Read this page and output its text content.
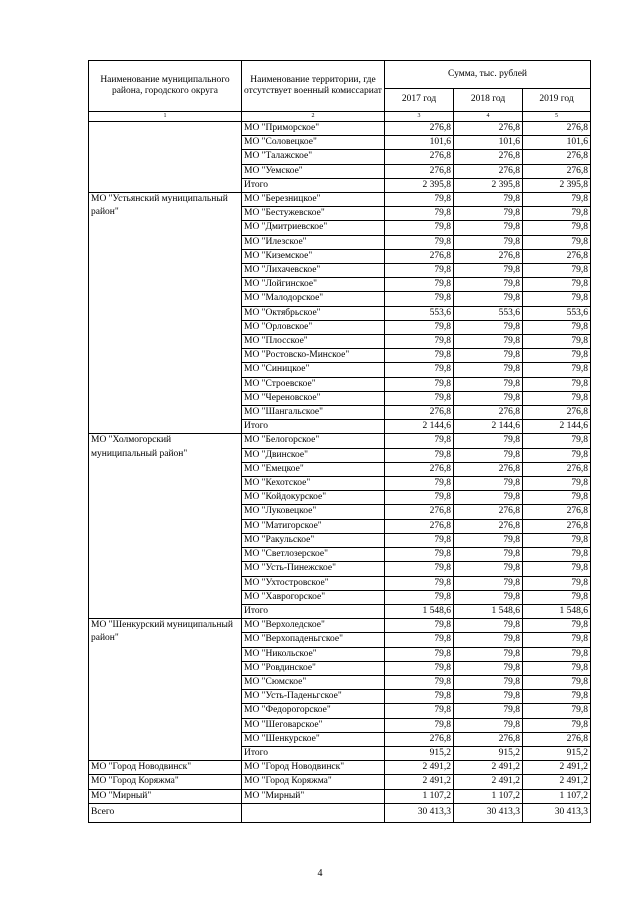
Наименование муниципального района, городского округа	Наименование территории, где отсутствует военный комиссариат	Сумма, тыс. рублей		
		2017 год	2018 год	2019 год
1	2	3	4	5
	МО "Приморское"	276,8	276,8	276,8
	МО "Соловецкое"	101,6	101,6	101,6
	МО "Талажское"	276,8	276,8	276,8
	МО "Уемское"	276,8	276,8	276,8
	Итого	2 395,8	2 395,8	2 395,8
МО "Устьянский муниципальный район"	МО "Березницкое"	79,8	79,8	79,8
	МО "Бестужевское"	79,8	79,8	79,8
	МО "Дмитриевское"	79,8	79,8	79,8
	МО "Илезское"	79,8	79,8	79,8
	МО "Киземское"	276,8	276,8	276,8
	МО "Лихачевское"	79,8	79,8	79,8
	МО "Лойгинское"	79,8	79,8	79,8
	МО "Малодорское"	79,8	79,8	79,8
	МО "Октябрьское"	553,6	553,6	553,6
	МО "Орловское"	79,8	79,8	79,8
	МО "Плосское"	79,8	79,8	79,8
	МО "Ростовско-Минское"	79,8	79,8	79,8
	МО "Синицкое"	79,8	79,8	79,8
	МО "Строевское"	79,8	79,8	79,8
	МО "Череновское"	79,8	79,8	79,8
	МО "Шангальское"	276,8	276,8	276,8
	Итого	2 144,6	2 144,6	2 144,6
МО "Холмогорский муниципальный район"	МО "Белогорское"	79,8	79,8	79,8
	МО "Двинское"	79,8	79,8	79,8
	МО "Емецкое"	276,8	276,8	276,8
	МО "Кехотское"	79,8	79,8	79,8
	МО "Койдокурское"	79,8	79,8	79,8
	МО "Луковецкое"	276,8	276,8	276,8
	МО "Матигорское"	276,8	276,8	276,8
	МО "Ракульское"	79,8	79,8	79,8
	МО "Светлозерское"	79,8	79,8	79,8
	МО "Усть-Пинежское"	79,8	79,8	79,8
	МО "Ухтостровское"	79,8	79,8	79,8
	МО "Хаврогорское"	79,8	79,8	79,8
	Итого	1 548,6	1 548,6	1 548,6
МО "Шенкурский муниципальный район"	МО "Верхоледское"	79,8	79,8	79,8
	МО "Верхопаденьгское"	79,8	79,8	79,8
	МО "Никольское"	79,8	79,8	79,8
	МО "Ровдинское"	79,8	79,8	79,8
	МО "Сюмское"	79,8	79,8	79,8
	МО "Усть-Паденьгское"	79,8	79,8	79,8
	МО "Федорогорское"	79,8	79,8	79,8
	МО "Шеговарское"	79,8	79,8	79,8
	МО "Шенкурское"	276,8	276,8	276,8
	Итого	915,2	915,2	915,2
МО "Город Новодвинск"	МО "Город Новодвинск"	2 491,2	2 491,2	2 491,2
МО "Город Коряжма"	МО "Город Коряжма"	2 491,2	2 491,2	2 491,2
МО "Мирный"	МО "Мирный"	1 107,2	1 107,2	1 107,2
Всего		30 413,3	30 413,3	30 413,3
4
